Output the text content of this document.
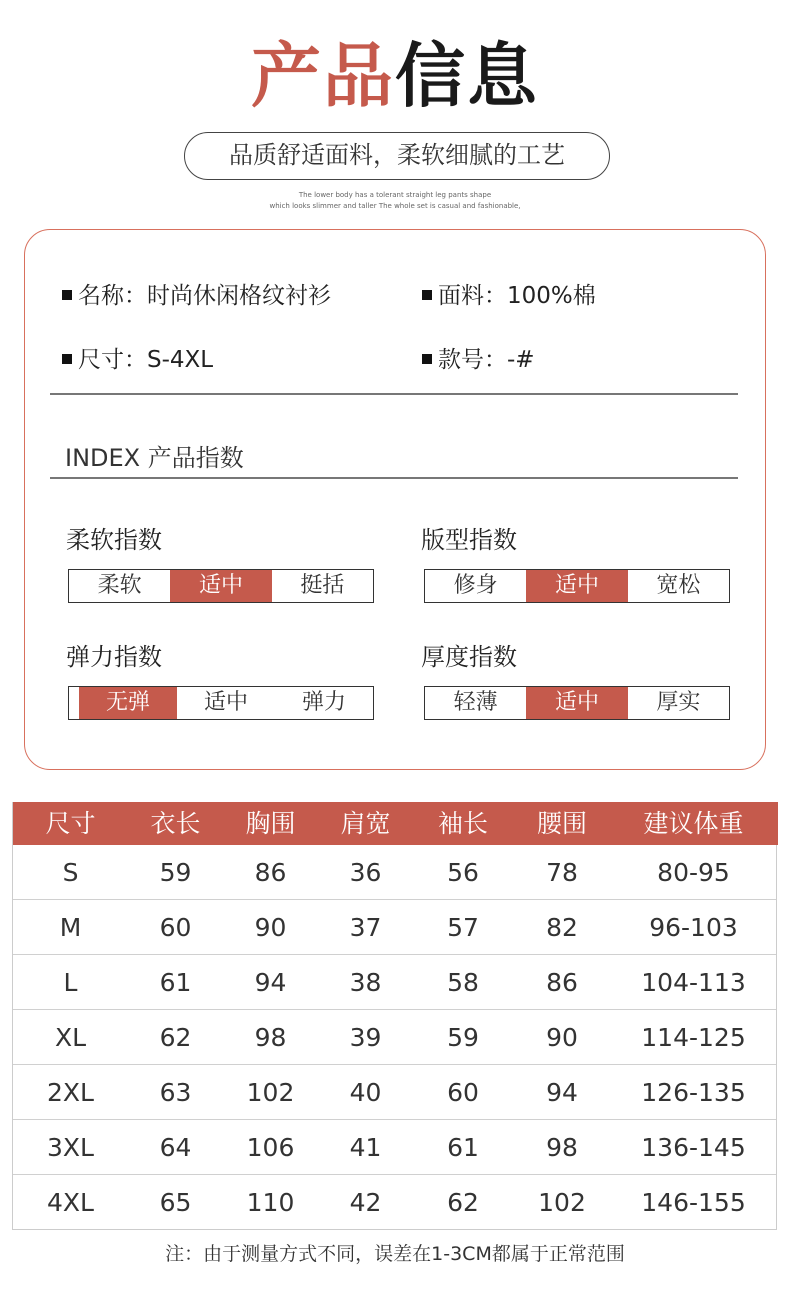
产品信息
品质舒适面料，柔软细腻的工艺
The lower body has a tolerant straight leg pants shape
which looks slimmer and taller The whole set is casual and fashionable,
名称：时尚休闲格纹衬衫	面料：100%棉
尺寸：S-4XL	款号：-#
INDEX 产品指数
柔软指数
柔软	适中	挺括
版型指数
修身	适中	宽松
弹力指数
无弹	适中	弹力
厚度指数
轻薄	适中	厚实
尺寸	衣长	胸围	肩宽	袖长	腰围	建议体重
S	59	86	36	56	78	80-95
M	60	90	37	57	82	96-103
L	61	94	38	58	86	104-113
XL	62	98	39	59	90	114-125
2XL	63	102	40	60	94	126-135
3XL	64	106	41	61	98	136-145
4XL	65	110	42	62	102	146-155
注：由于测量方式不同，误差在1-3CM都属于正常范围
